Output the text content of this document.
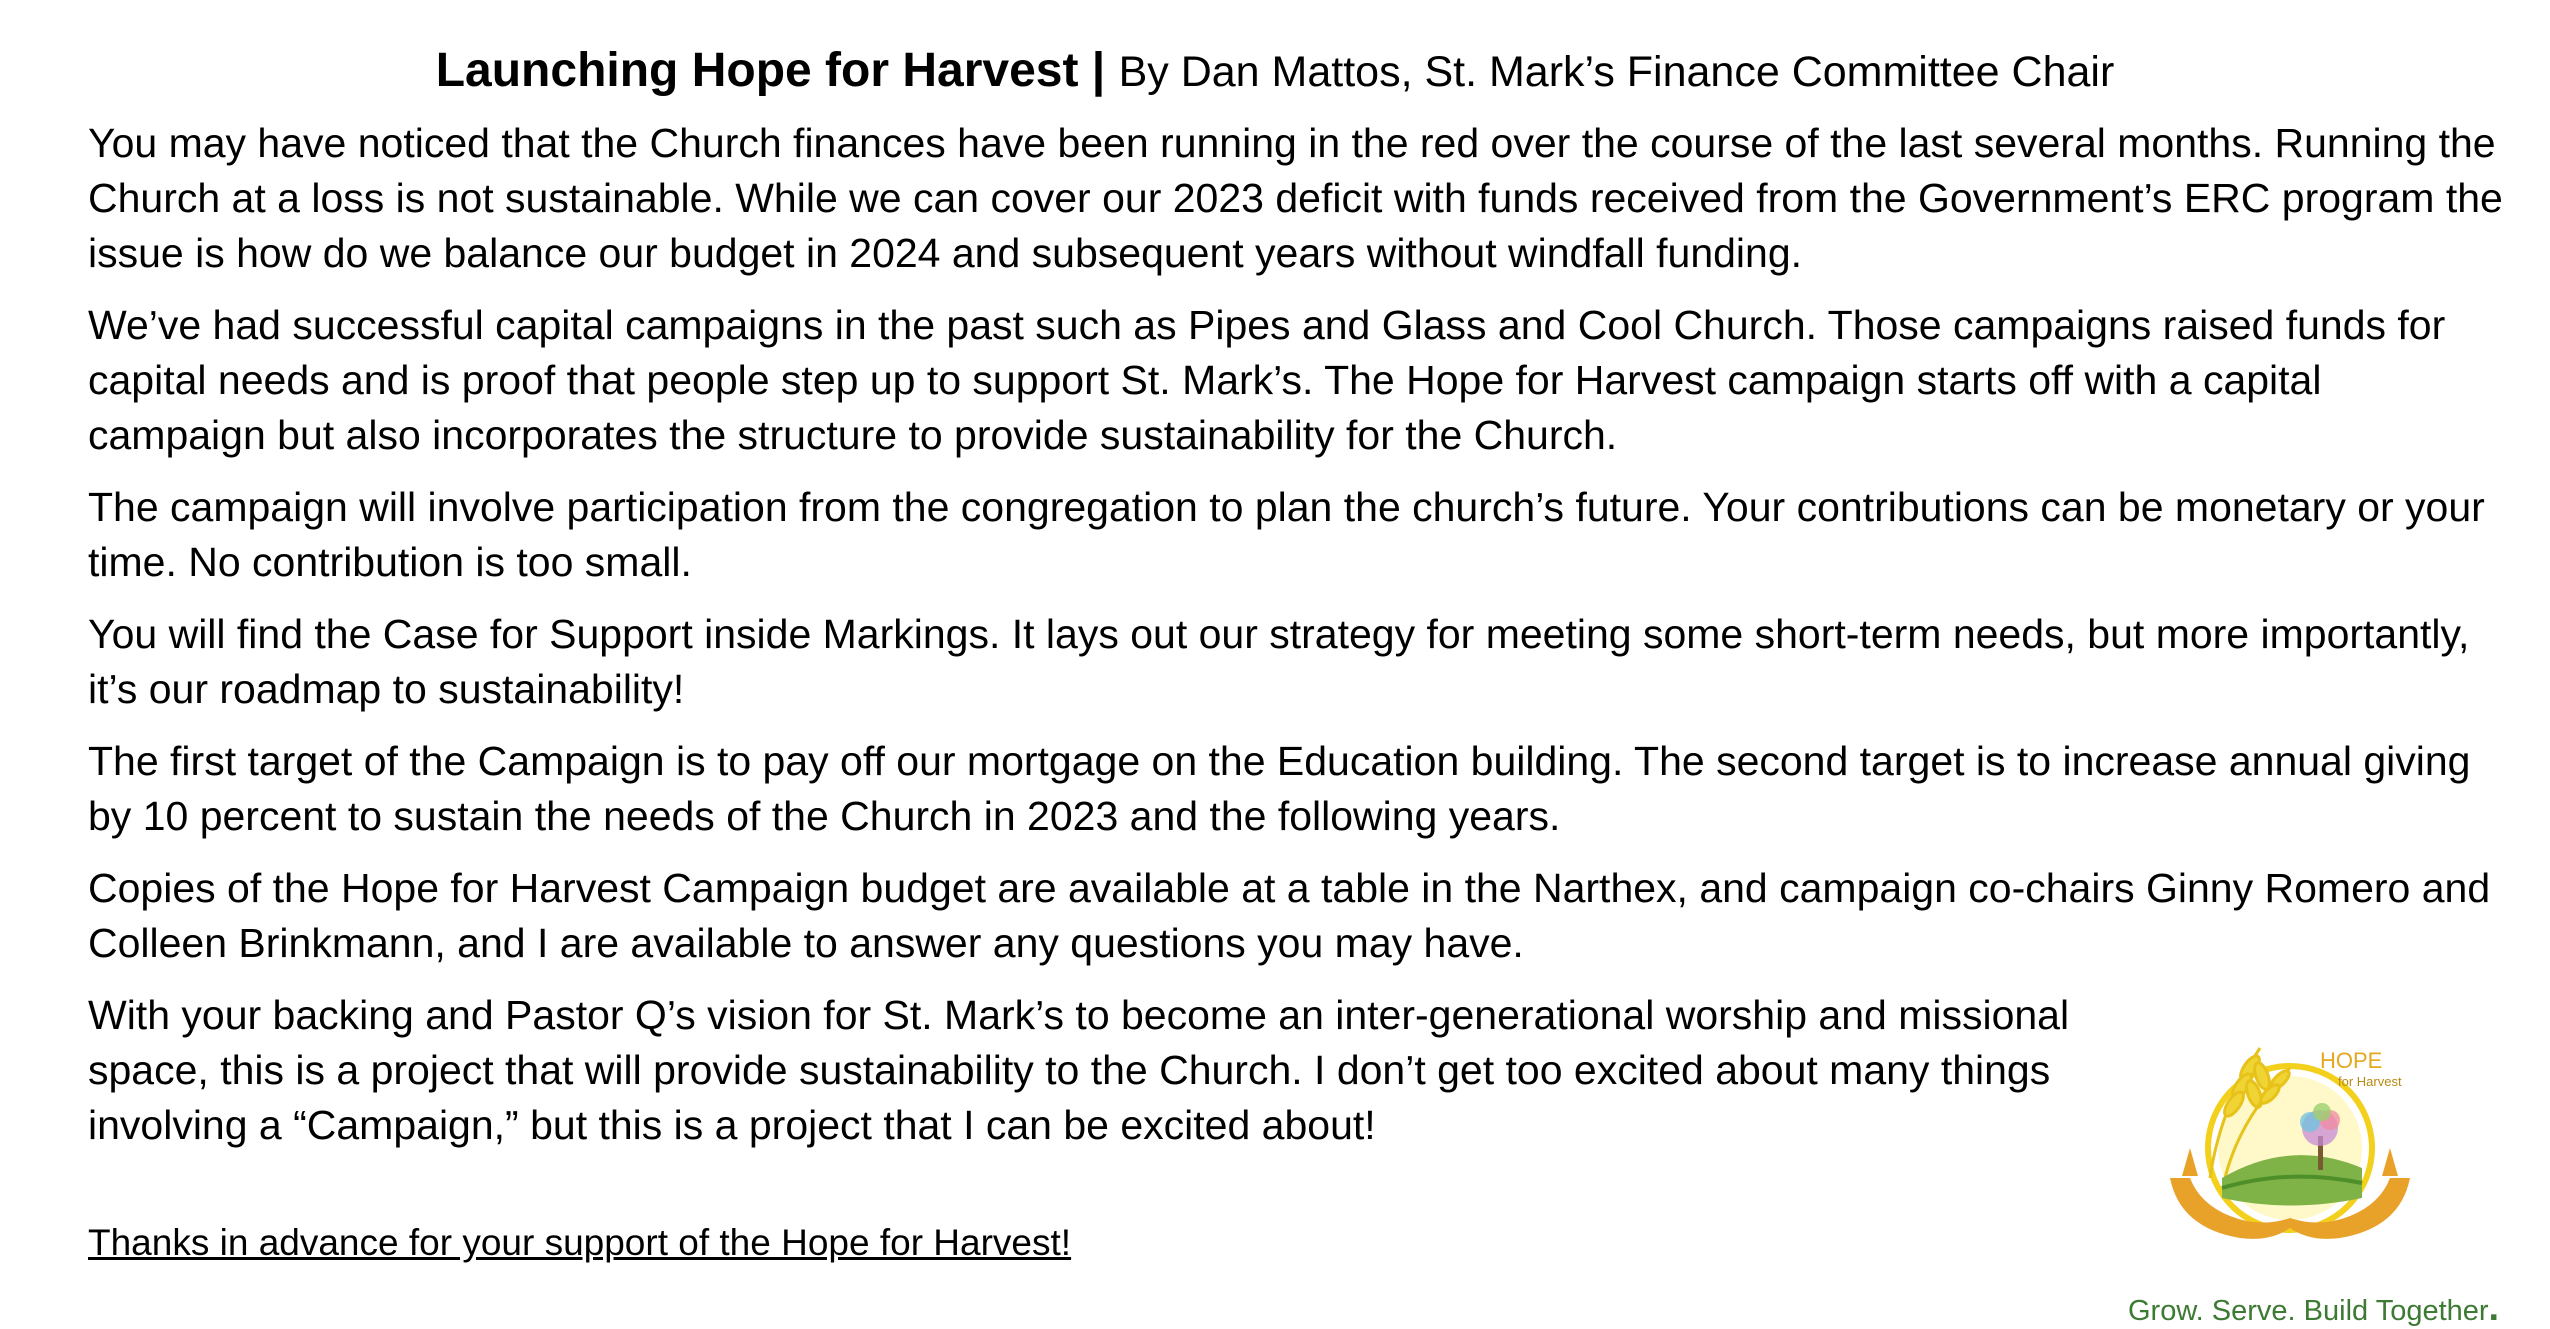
Launching Hope for Harvest | By Dan Mattos, St. Mark’s Finance Committee Chair

You may have noticed that the Church finances have been running in the red over the course of the last several months. Running the Church at a loss is not sustainable. While we can cover our 2023 deficit with funds received from the Government’s ERC program the issue is how do we balance our budget in 2024 and subsequent years without windfall funding.

We’ve had successful capital campaigns in the past such as Pipes and Glass and Cool Church. Those campaigns raised funds for capital needs and is proof that people step up to support St. Mark’s. The Hope for Harvest campaign starts off with a capital campaign but also incorporates the structure to provide sustainability for the Church.

The campaign will involve participation from the congregation to plan the church’s future. Your contributions can be monetary or your time. No contribution is too small.

You will find the Case for Support inside Markings. It lays out our strategy for meeting some short-term needs, but more importantly, it’s our roadmap to sustainability!

The first target of the Campaign is to pay off our mortgage on the Education building. The second target is to increase annual giving by 10 percent to sustain the needs of the Church in 2023 and the following years.

Copies of the Hope for Harvest Campaign budget are available at a table in the Narthex, and campaign co-chairs Ginny Romero and Colleen Brinkmann, and I are available to answer any questions you may have.

With your backing and Pastor Q’s vision for St. Mark’s to become an inter-generational worship and missional space, this is a project that will provide sustainability to the Church. I don’t get too excited about many things involving a “Campaign,” but this is a project that I can be excited about!

Thanks in advance for your support of the Hope for Harvest!
HOPE
for Harvest
Grow. Serve. Build Together.
